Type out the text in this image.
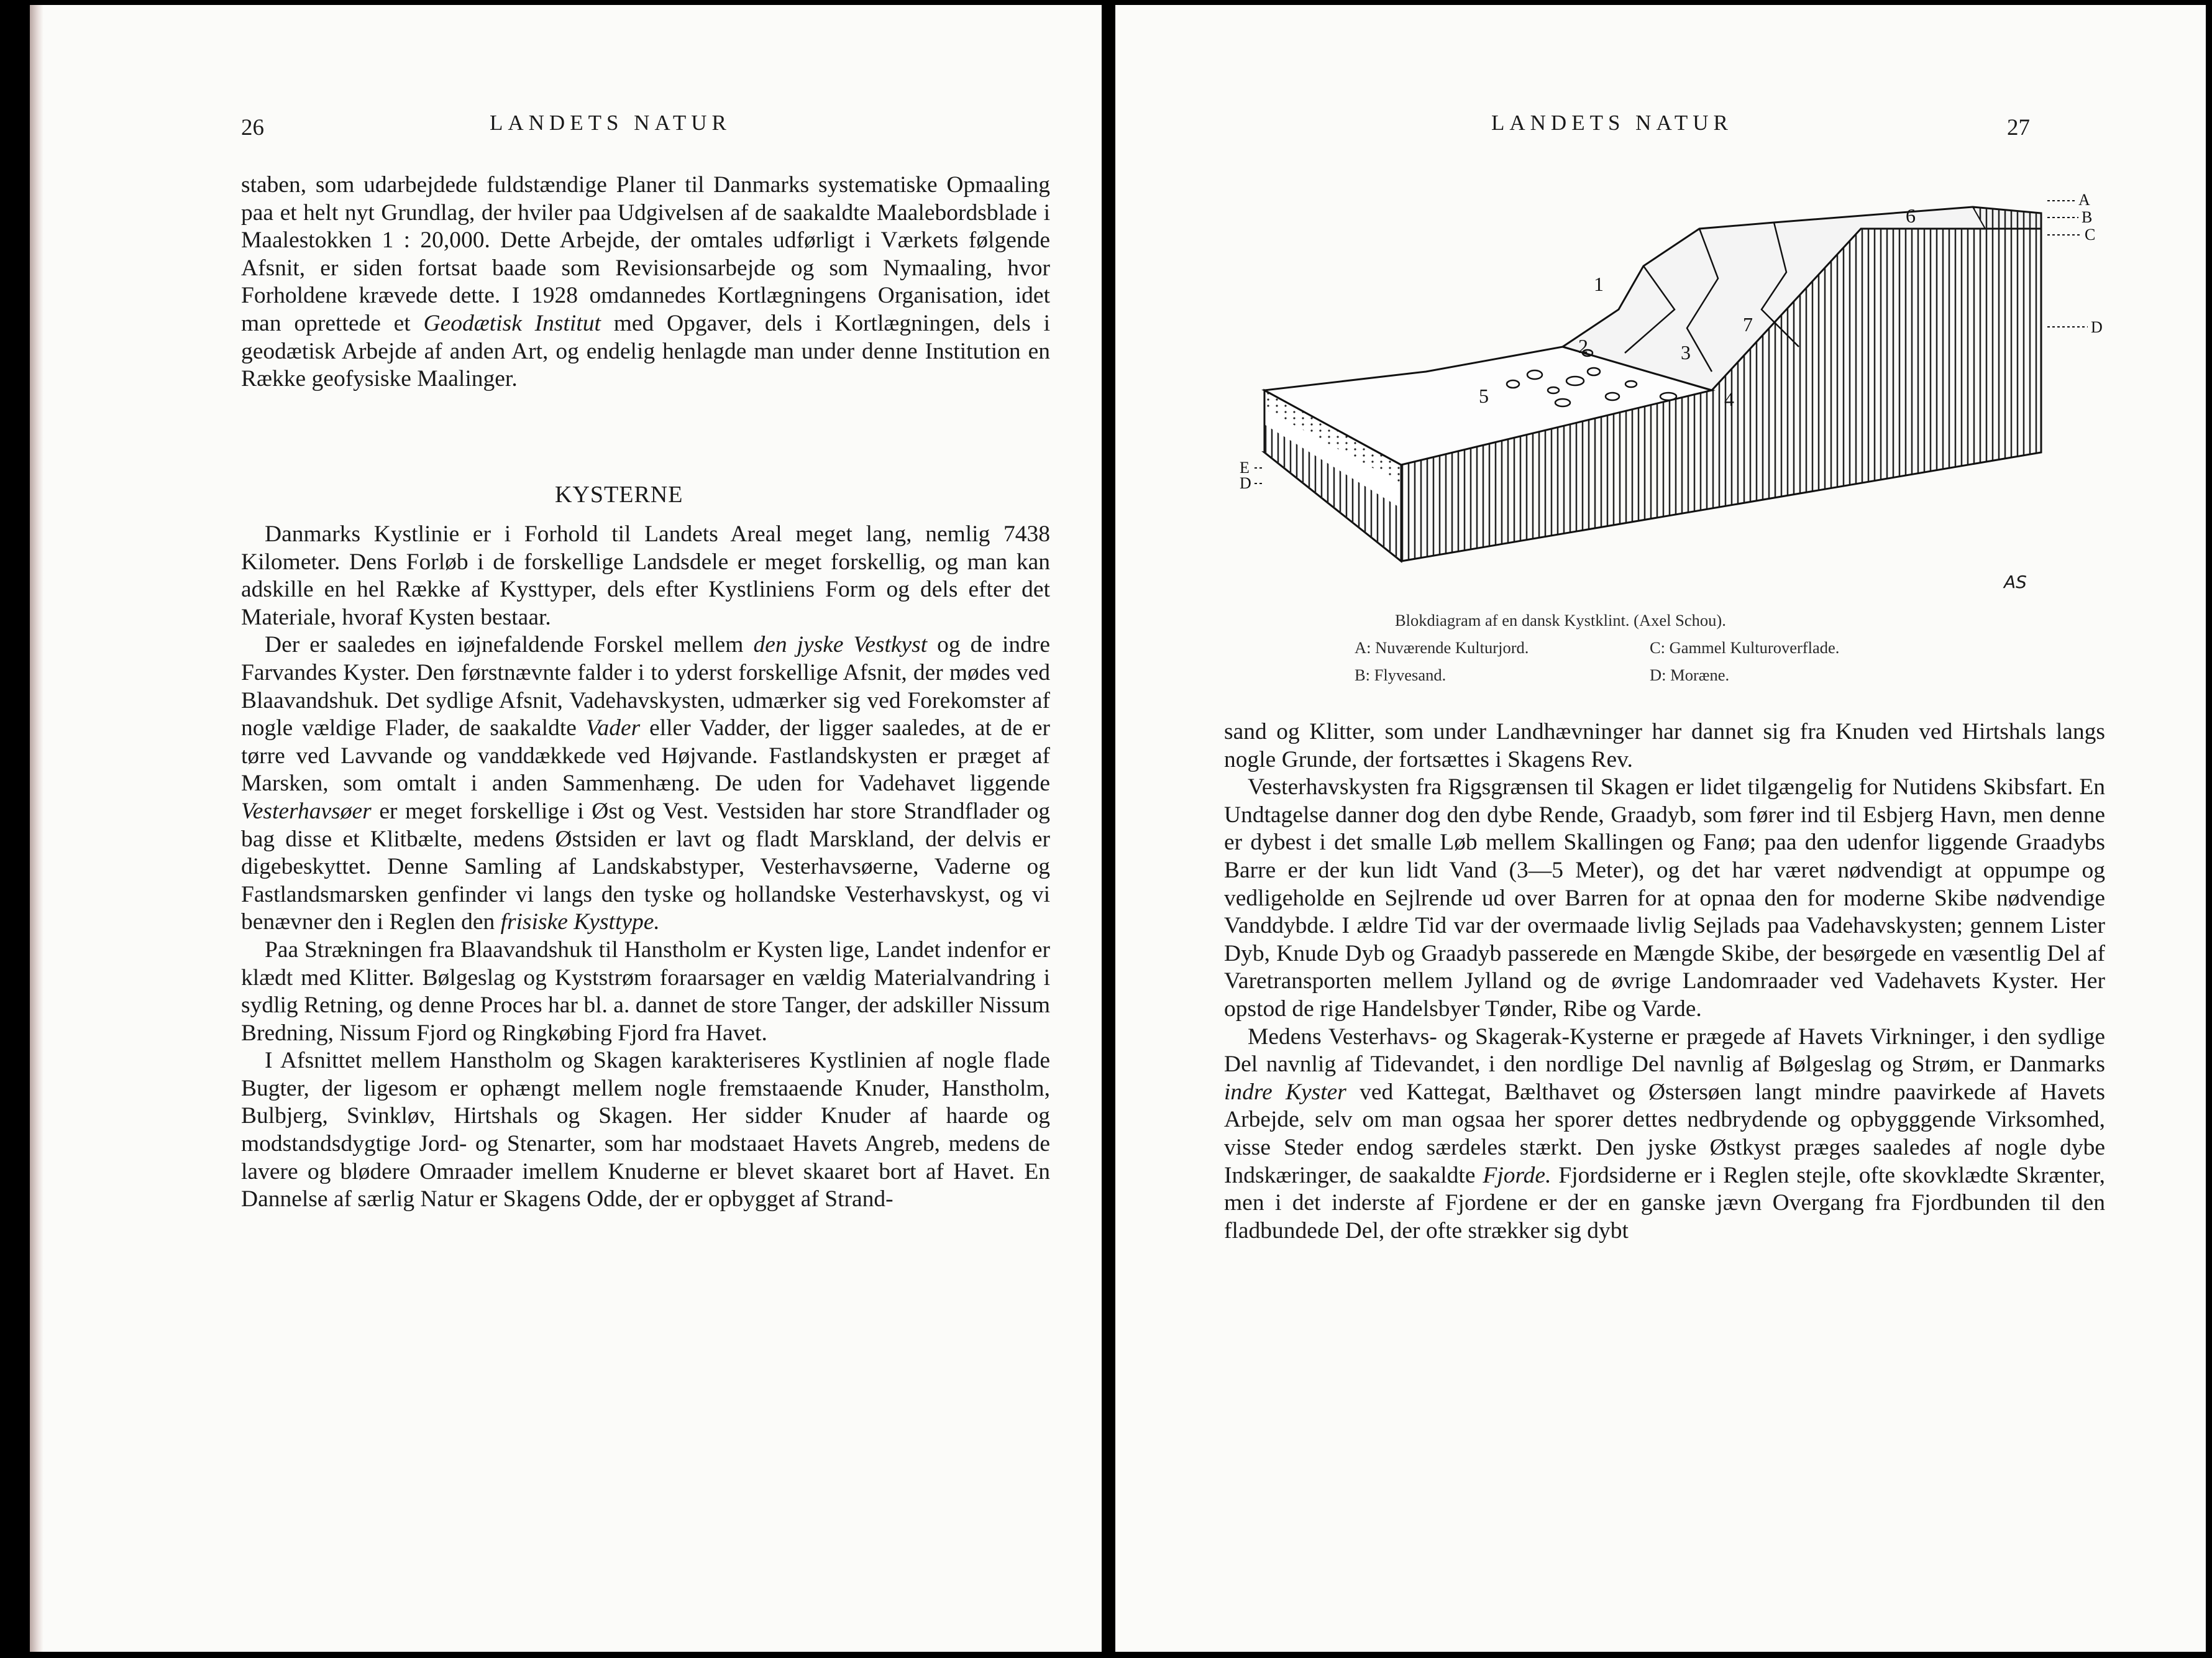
26	LANDETS NATUR

staben, som udarbejdede fuldstændige Planer til Danmarks systematiske Opmaaling paa et helt nyt Grundlag, der hviler paa Udgivelsen af de saakaldte Maalebordsblade i Maalestokken 1 : 20,000. Dette Arbejde, der omtales udførligt i Værkets følgende Afsnit, er siden fortsat baade som Revisionsarbejde og som Nymaaling, hvor Forholdene krævede dette. I 1928 omdannedes Kortlægningens Organisation, idet man oprettede et Geodætisk Institut med Opgaver, dels i Kortlægningen, dels i geodætisk Arbejde af anden Art, og endelig henlagde man under denne Institution en Række geofysiske Maalinger.

KYSTERNE

Danmarks Kystlinie er i Forhold til Landets Areal meget lang, nemlig 7438 Kilometer. Dens Forløb i de forskellige Landsdele er meget forskellig, og man kan adskille en hel Række af Kysttyper, dels efter Kystliniens Form og dels efter det Materiale, hvoraf Kysten bestaar.

Der er saaledes en iøjnefaldende Forskel mellem den jyske Vestkyst og de indre Farvandes Kyster. Den førstnævnte falder i to yderst forskellige Afsnit, der mødes ved Blaavandshuk. Det sydlige Afsnit, Vadehavskysten, udmærker sig ved Forekomster af nogle vældige Flader, de saakaldte Vader eller Vadder, der ligger saaledes, at de er tørre ved Lavvande og vanddækkede ved Højvande. Fastlandskysten er præget af Marsken, som omtalt i anden Sammenhæng. De uden for Vadehavet liggende Vesterhavsøer er meget forskellige i Øst og Vest. Vestsiden har store Strandflader og bag disse et Klitbælte, medens Østsiden er lavt og fladt Marskland, der delvis er digebeskyttet. Denne Samling af Landskabstyper, Vesterhavsøerne, Vaderne og Fastlandsmarsken genfinder vi langs den tyske og hollandske Vesterhavskyst, og vi benævner den i Reglen den frisiske Kysttype.

Paa Strækningen fra Blaavandshuk til Hanstholm er Kysten lige, Landet indenfor er klædt med Klitter. Bølgeslag og Kyststrøm foraarsager en vældig Materialvandring i sydlig Retning, og denne Proces har bl. a. dannet de store Tanger, der adskiller Nissum Bredning, Nissum Fjord og Ringkøbing Fjord fra Havet.

I Afsnittet mellem Hanstholm og Skagen karakteriseres Kystlinien af nogle flade Bugter, der ligesom er ophængt mellem nogle fremstaaende Knuder, Hanstholm, Bulbjerg, Svinkløv, Hirtshals og Skagen. Her sidder Knuder af haarde og modstandsdygtige Jord- og Stenarter, som har modstaaet Havets Angreb, medens de lavere og blødere Omraader imellem Knuderne er blevet skaaret bort af Havet. En Dannelse af særlig Natur er Skagens Odde, der er opbygget af Strand-

LANDETS NATUR	27
1
2	3
4
5
6
7
A
B
C
D
E
D
AS
Blokdiagram af en dansk Kystklint. (Axel Schou).
A: Nuværende Kulturjord.	C: Gammel Kulturoverflade.
B: Flyvesand.	D: Moræne.

sand og Klitter, som under Landhævninger har dannet sig fra Knuden ved Hirtshals langs nogle Grunde, der fortsættes i Skagens Rev.

Vesterhavskysten fra Rigsgrænsen til Skagen er lidet tilgængelig for Nutidens Skibsfart. En Undtagelse danner dog den dybe Rende, Graadyb, som fører ind til Esbjerg Havn, men denne er dybest i det smalle Løb mellem Skallingen og Fanø; paa den udenfor liggende Graadybs Barre er der kun lidt Vand (3—5 Meter), og det har været nødvendigt at oppumpe og vedligeholde en Sejlrende ud over Barren for at opnaa den for moderne Skibe nødvendige Vanddybde. I ældre Tid var der overmaade livlig Sejlads paa Vadehavskysten; gennem Lister Dyb, Knude Dyb og Graadyb passerede en Mængde Skibe, der besørgede en væsentlig Del af Varetransporten mellem Jylland og de øvrige Landomraader ved Vadehavets Kyster. Her opstod de rige Handelsbyer Tønder, Ribe og Varde.

Medens Vesterhavs- og Skagerak-Kysterne er prægede af Havets Virkninger, i den sydlige Del navnlig af Tidevandet, i den nordlige Del navnlig af Bølgeslag og Strøm, er Danmarks indre Kyster ved Kattegat, Bælthavet og Østersøen langt mindre paavirkede af Havets Arbejde, selv om man ogsaa her sporer dettes nedbrydende og opbygggende Virksomhed, visse Steder endog særdeles stærkt. Den jyske Østkyst præges saaledes af nogle dybe Indskæringer, de saakaldte Fjorde. Fjordsiderne er i Reglen stejle, ofte skovklædte Skrænter, men i det inderste af Fjordene er der en ganske jævn Overgang fra Fjordbunden til den fladbundede Del, der ofte strækker sig dybt
